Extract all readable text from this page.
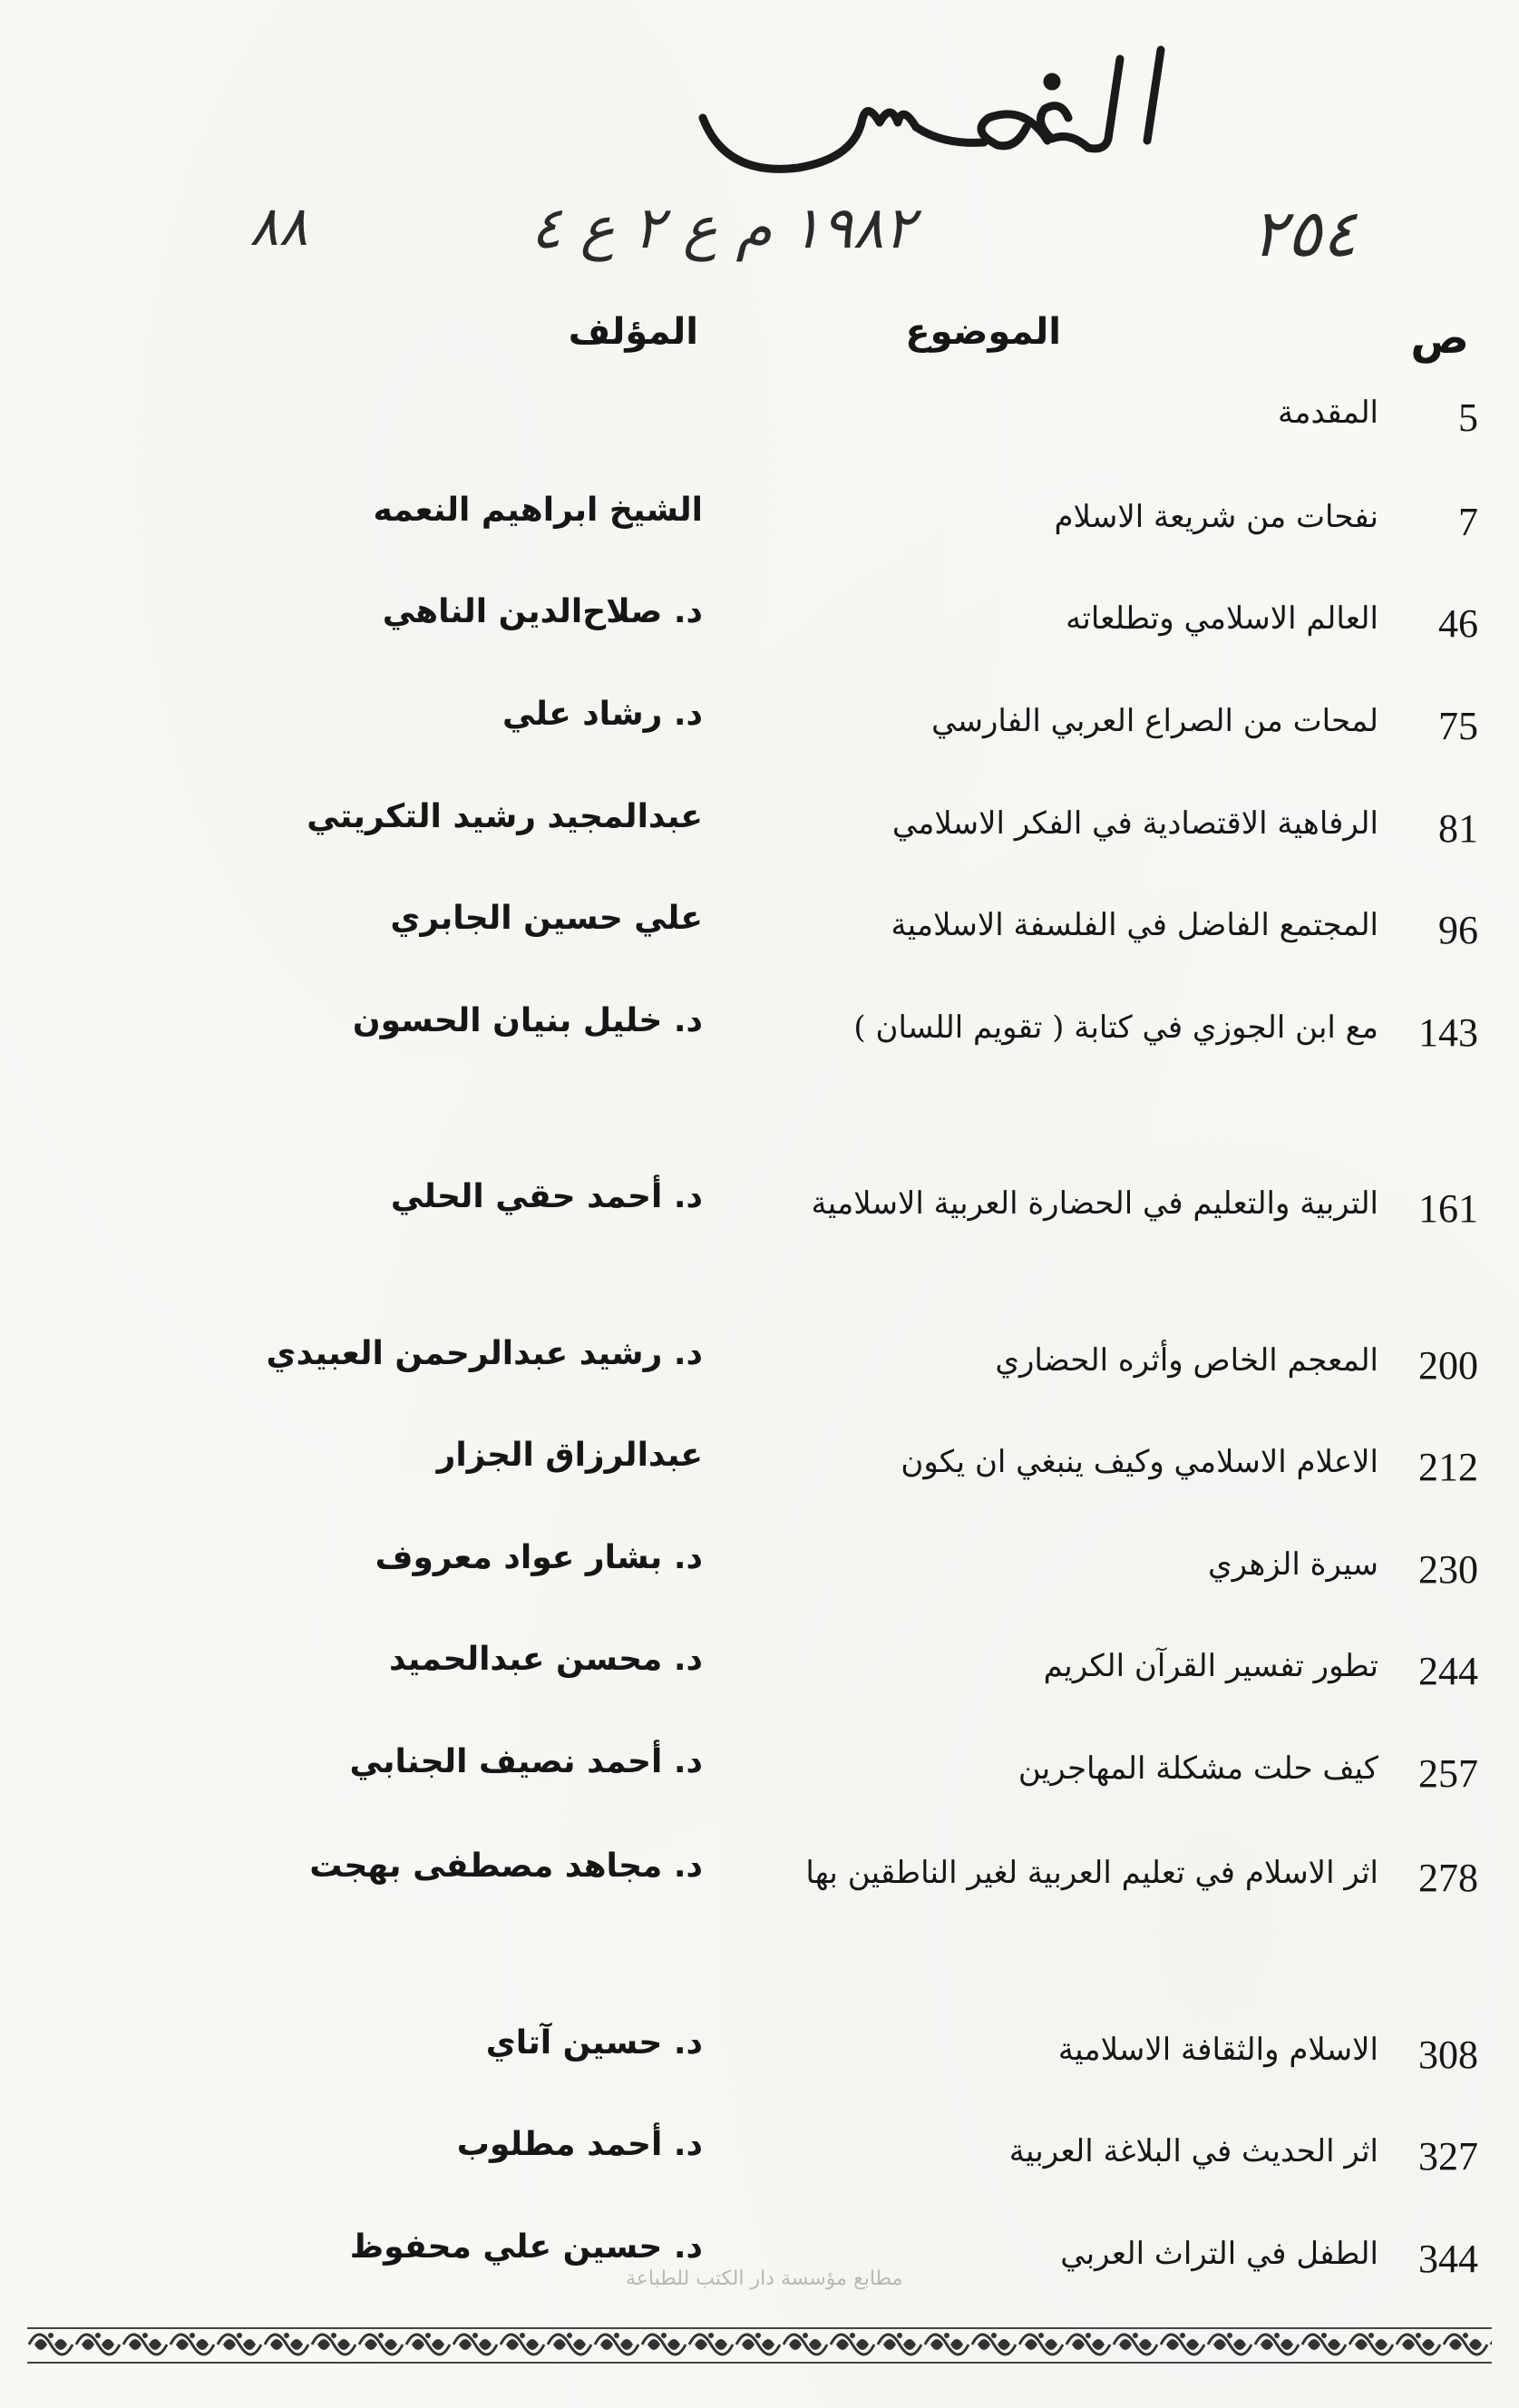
٨٨	١٩٨٢ م ع ٢ ع ٤	٢٥٤
ص
الموضوع
المؤلف
5
المقدمة
7
نفحات من شريعة الاسلام
الشيخ ابراهيم النعمه
46
العالم الاسلامي وتطلعاته
د. صلاح‌الدين الناهي
75
لمحات من الصراع العربي الفارسي
د. رشاد علي
81
الرفاهية الاقتصادية في الفكر الاسلامي
عبدالمجيد رشيد التكريتي
96
المجتمع الفاضل في الفلسفة الاسلامية
علي حسين الجابري
143
مع ابن الجوزي في كتابة ( تقويم اللسان )
د. خليل بنيان الحسون
161
التربية والتعليم في الحضارة العربية الاسلامية
د. أحمد حقي الحلي
200
المعجم الخاص وأثره الحضاري
د. رشيد عبدالرحمن العبيدي
212
الاعلام الاسلامي وكيف ينبغي ان يكون
عبدالرزاق الجزار
230
سيرة الزهري
د. بشار عواد معروف
244
تطور تفسير القرآن الكريم
د. محسن عبدالحميد
257
كيف حلت مشكلة المهاجرين
د. أحمد نصيف الجنابي
278
اثر الاسلام في تعليم العربية لغير الناطقين بها
د. مجاهد مصطفى بهجت
308
الاسلام والثقافة الاسلامية
د. حسين آتاي
327
اثر الحديث في البلاغة العربية
د. أحمد مطلوب
344
الطفل في التراث العربي
د. حسين علي محفوظ
مطابع مؤسسة دار الكتب للطباعة
